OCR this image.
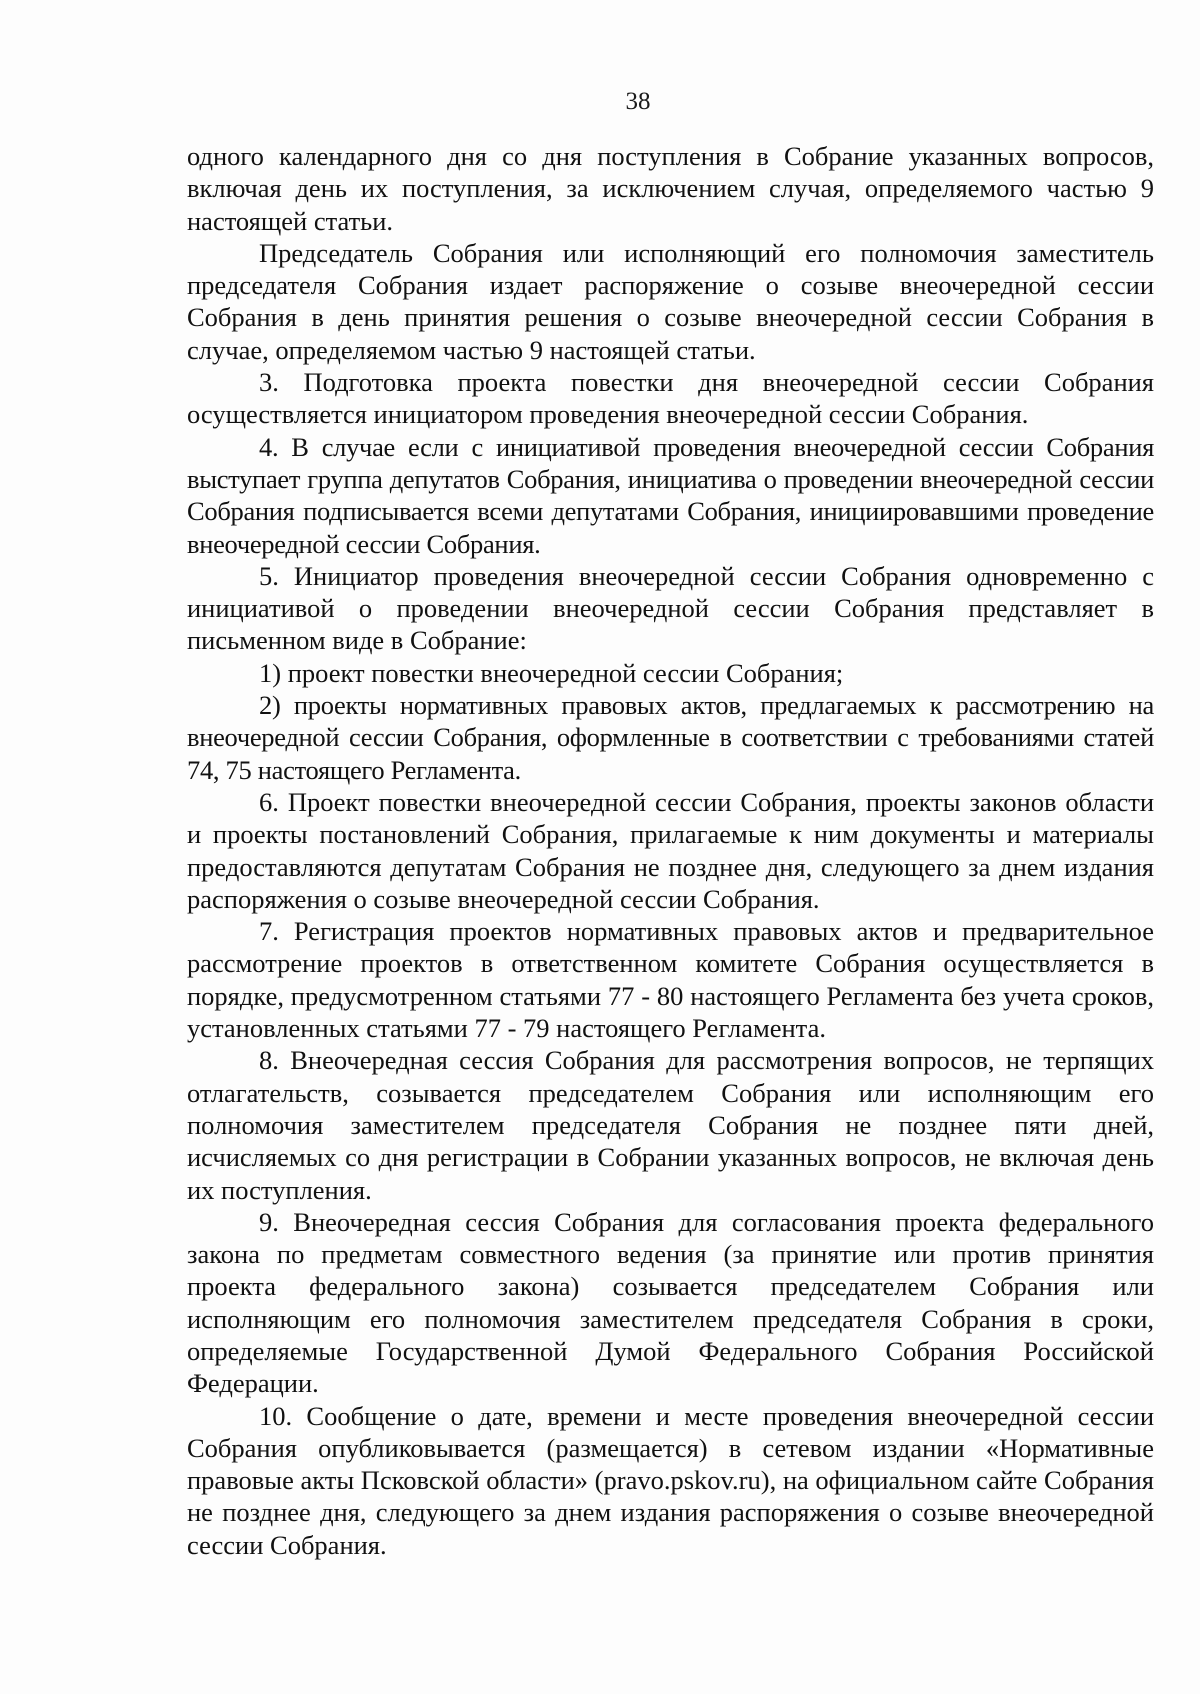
38

одного календарного дня со дня поступления в Собрание указанных вопросов, включая день их поступления, за исключением случая, определяемого частью 9 настоящей статьи.

Председатель Собрания или исполняющий его полномочия заместитель председателя Собрания издает распоряжение о созыве внеочередной сессии Собрания в день принятия решения о созыве внеочередной сессии Собрания в случае, определяемом частью 9 настоящей статьи.

3. Подготовка проекта повестки дня внеочередной сессии Собрания осуществляется инициатором проведения внеочередной сессии Собрания.

4. В случае если с инициативой проведения внеочередной сессии Собрания выступает группа депутатов Собрания, инициатива о проведении внеочередной сессии Собрания подписывается всеми депутатами Собрания, инициировавшими проведение внеочередной сессии Собрания.

5. Инициатор проведения внеочередной сессии Собрания одновременно с инициативой о проведении внеочередной сессии Собрания представляет в письменном виде в Собрание:

1) проект повестки внеочередной сессии Собрания;

2) проекты нормативных правовых актов, предлагаемых к рассмотрению на внеочередной сессии Собрания, оформленные в соответствии с требованиями статей 74, 75 настоящего Регламента.

6. Проект повестки внеочередной сессии Собрания, проекты законов области и проекты постановлений Собрания, прилагаемые к ним документы и материалы предоставляются депутатам Собрания не позднее дня, следующего за днем издания распоряжения о созыве внеочередной сессии Собрания.

7. Регистрация проектов нормативных правовых актов и предварительное рассмотрение проектов в ответственном комитете Собрания осуществляется в порядке, предусмотренном статьями 77 - 80 настоящего Регламента без учета сроков, установленных статьями 77 - 79 настоящего Регламента.

8. Внеочередная сессия Собрания для рассмотрения вопросов, не терпящих отлагательств, созывается председателем Собрания или исполняющим его полномочия заместителем председателя Собрания не позднее пяти дней, исчисляемых со дня регистрации в Собрании указанных вопросов, не включая день их поступления.

9. Внеочередная сессия Собрания для согласования проекта федерального закона по предметам совместного ведения (за принятие или против принятия проекта федерального закона) созывается председателем Собрания или исполняющим его полномочия заместителем председателя Собрания в сроки, определяемые Государственной Думой Федерального Собрания Российской Федерации.

10. Сообщение о дате, времени и месте проведения внеочередной сессии Собрания опубликовывается (размещается) в сетевом издании «Нормативные правовые акты Псковской области» (pravo.pskov.ru), на официальном сайте Собрания не позднее дня, следующего за днем издания распоряжения о созыве внеочередной сессии Собрания.
